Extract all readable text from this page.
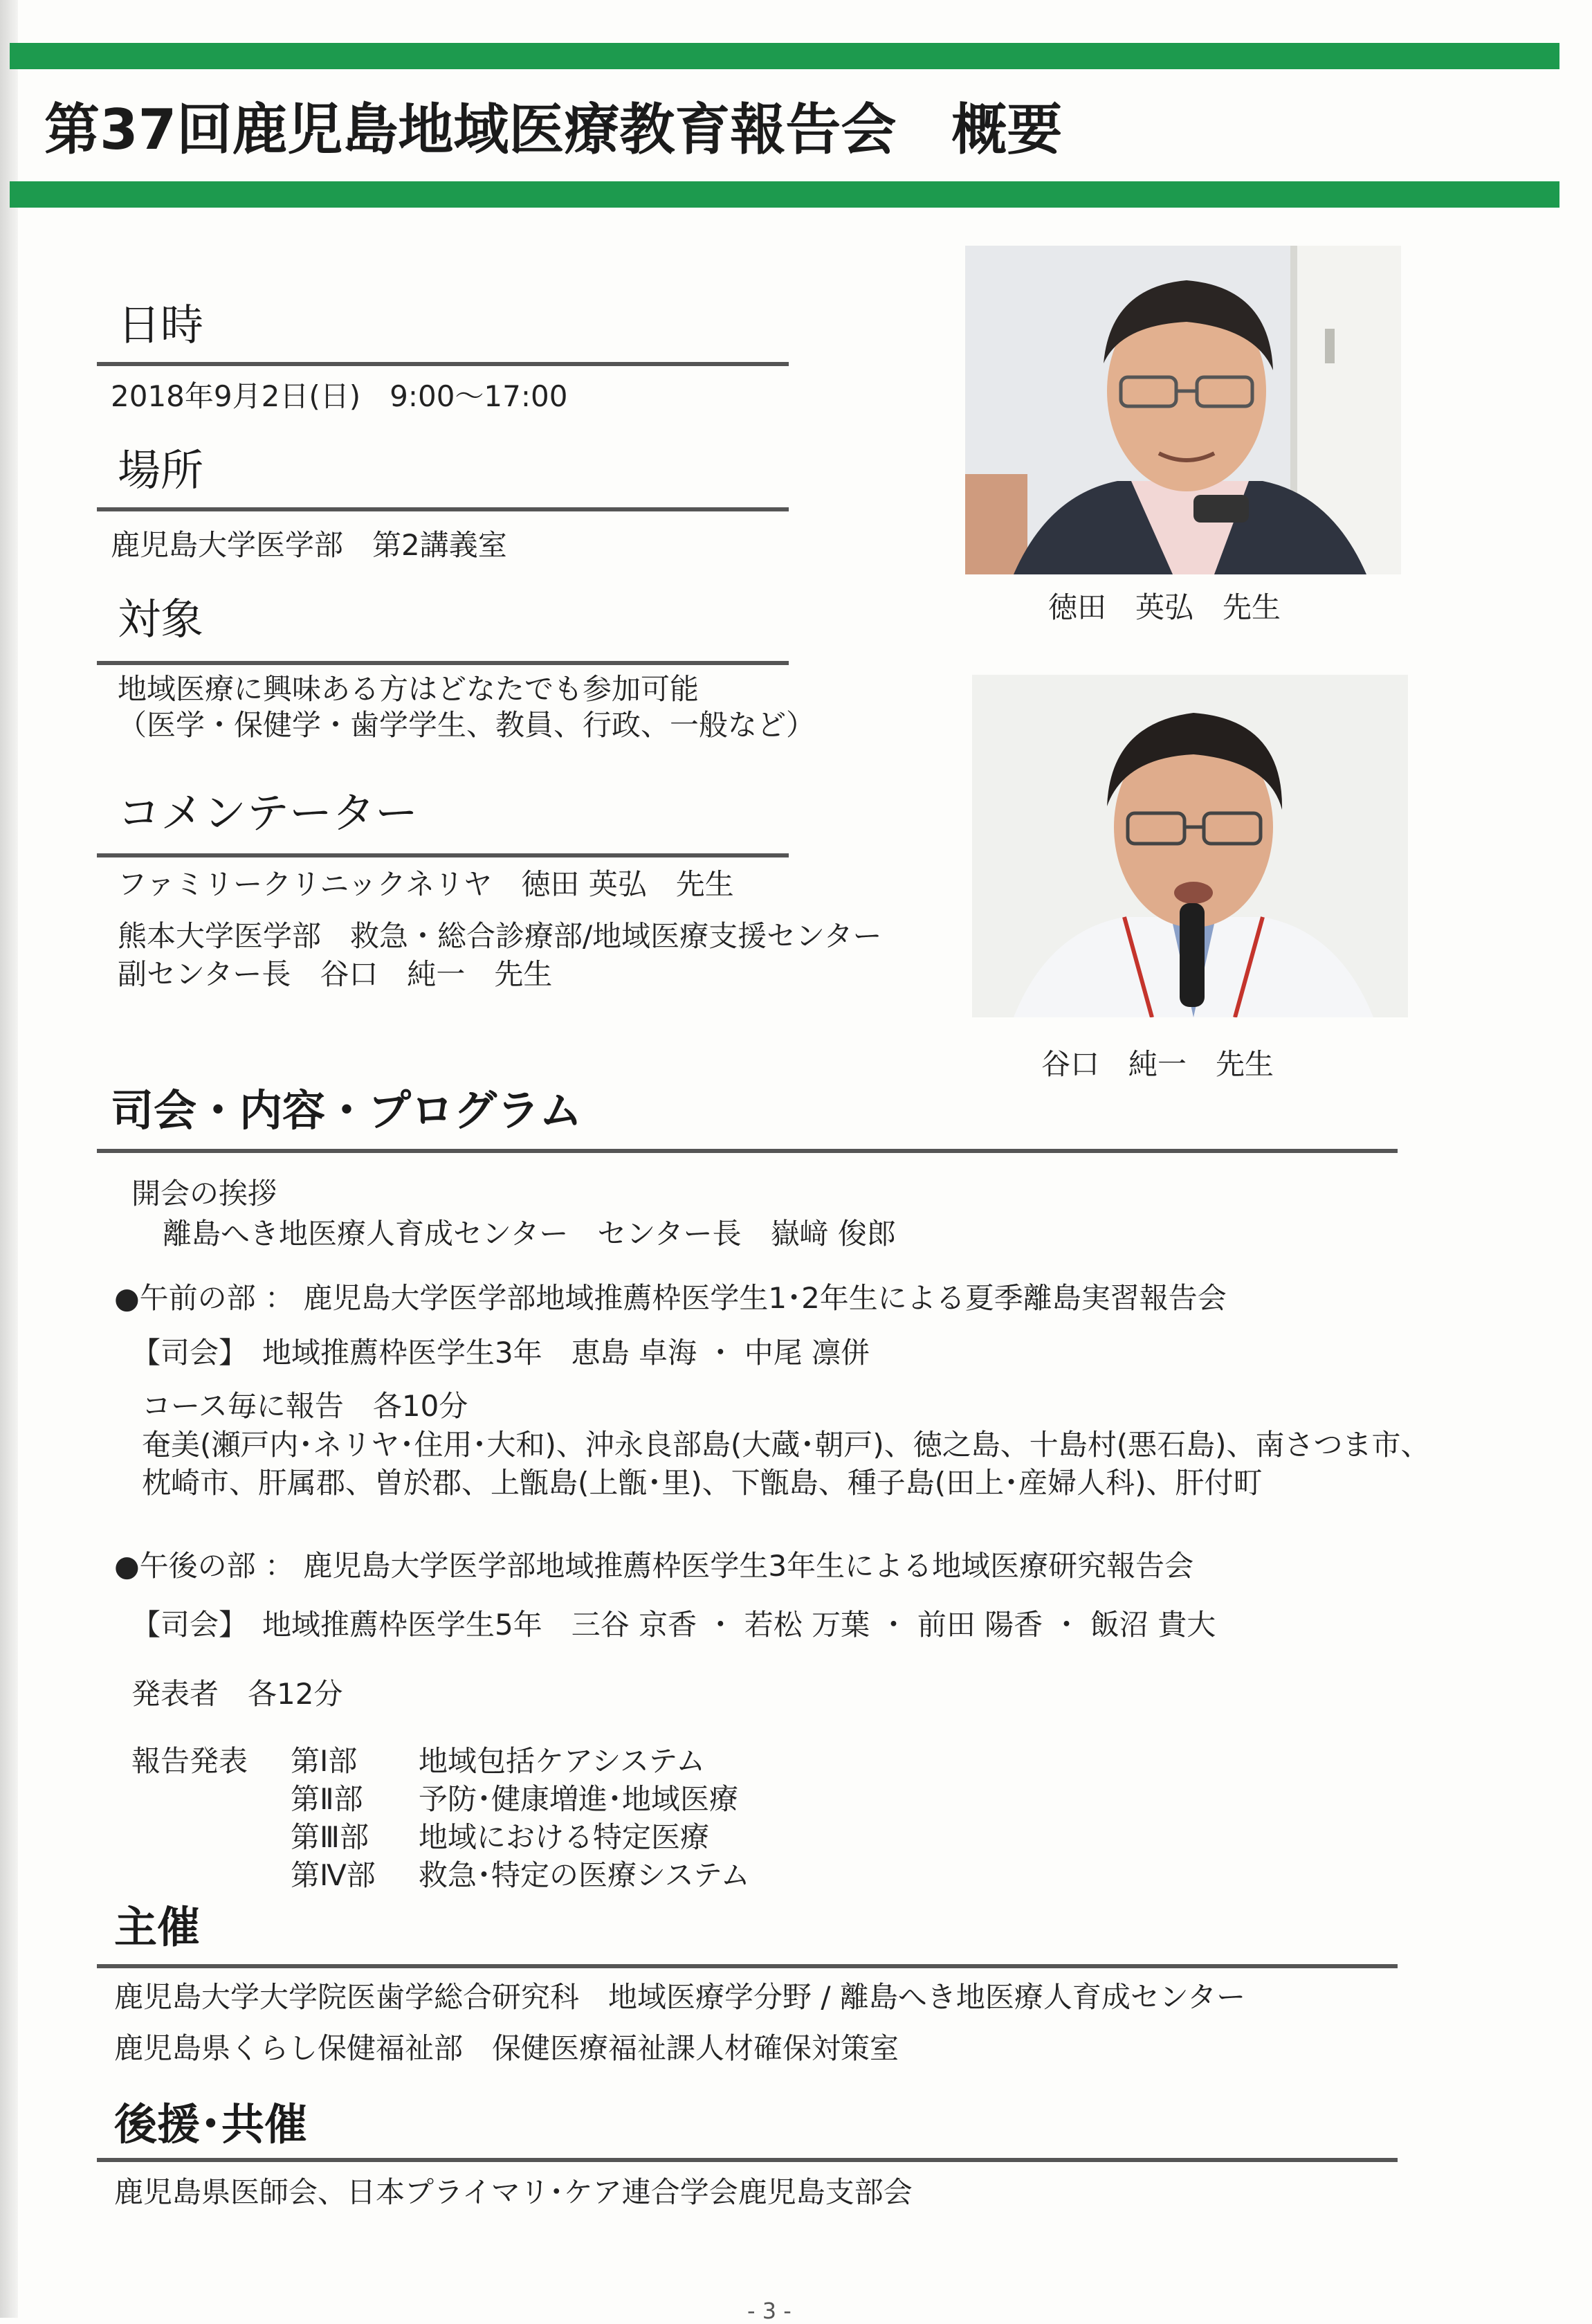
第37回鹿児島地域医療教育報告会　概要
日時
2018年9月2日(日)　9:00〜17:00
場所
鹿児島大学医学部　第2講義室
対象
地域医療に興味ある方はどなたでも参加可能
（医学・保健学・歯学学生、教員、行政、一般など）
コメンテーター
ファミリークリニックネリヤ　徳田 英弘　先生
熊本大学医学部　救急・総合診療部/地域医療支援センター
副センター長　谷口　純一　先生
徳田　英弘　先生
谷口　純一　先生
司会・内容・プログラム
開会の挨拶
離島へき地医療人育成センター　センター長　嶽﨑 俊郎
●午前の部 ： 鹿児島大学医学部地域推薦枠医学生1･2年生による夏季離島実習報告会
【司会】　地域推薦枠医学生3年　恵島 卓海 ・ 中尾 凛併
コース毎に報告　各10分
奄美(瀬戸内･ネリヤ･住用･大和)、沖永良部島(大蔵･朝戸)、徳之島、十島村(悪石島)、南さつま市、
枕崎市、肝属郡、曽於郡、上甑島(上甑･里)、下甑島、種子島(田上･産婦人科)、肝付町
●午後の部 ： 鹿児島大学医学部地域推薦枠医学生3年生による地域医療研究報告会
【司会】　地域推薦枠医学生5年　三谷 京香 ・ 若松 万葉 ・ 前田 陽香 ・ 飯沼 貴大
発表者　各12分
報告発表 第Ⅰ部 地域包括ケアシステム
第Ⅱ部 予防･健康増進･地域医療
第Ⅲ部 地域における特定医療
第Ⅳ部 救急･特定の医療システム
主催
鹿児島大学大学院医歯学総合研究科　地域医療学分野 / 離島へき地医療人育成センター
鹿児島県くらし保健福祉部　保健医療福祉課人材確保対策室
後援･共催
鹿児島県医師会、日本プライマリ･ケア連合学会鹿児島支部会
- 3 -
